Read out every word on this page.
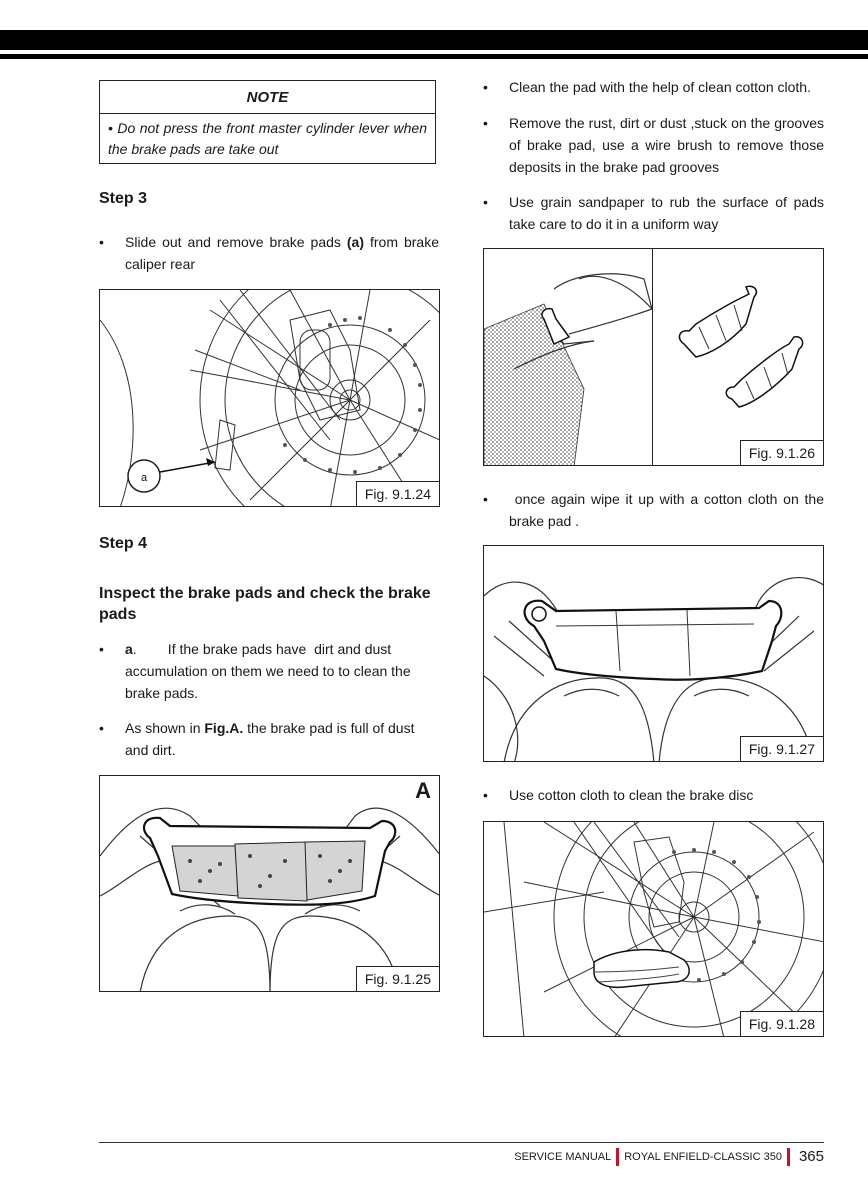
NOTE
• Do not press the front master cylinder lever when the brake pads are take out
Step 3
• Slide out and remove brake pads (a) from brake caliper rear
a
Fig. 9.1.24
Step 4
Inspect the brake pads and check the brake pads
• a.        If the brake pads have  dirt and dust accumulation on them we need to to clean the brake pads.
• As shown in Fig.A. the brake pad is full of dust and dirt.
A
Fig. 9.1.25
• Clean the pad with the help of clean cotton cloth.
• Remove the rust, dirt or dust ,stuck on the grooves of brake pad, use a wire brush to remove those deposits in the brake pad grooves
• Use grain sandpaper to rub the surface of pads take care to do it in a uniform way
Fig. 9.1.26
• once again wipe it up with a cotton cloth on the brake pad .
Fig. 9.1.27
• Use cotton cloth to clean the brake disc
Fig. 9.1.28
SERVICE MANUAL ROYAL ENFIELD-CLASSIC 350 365
